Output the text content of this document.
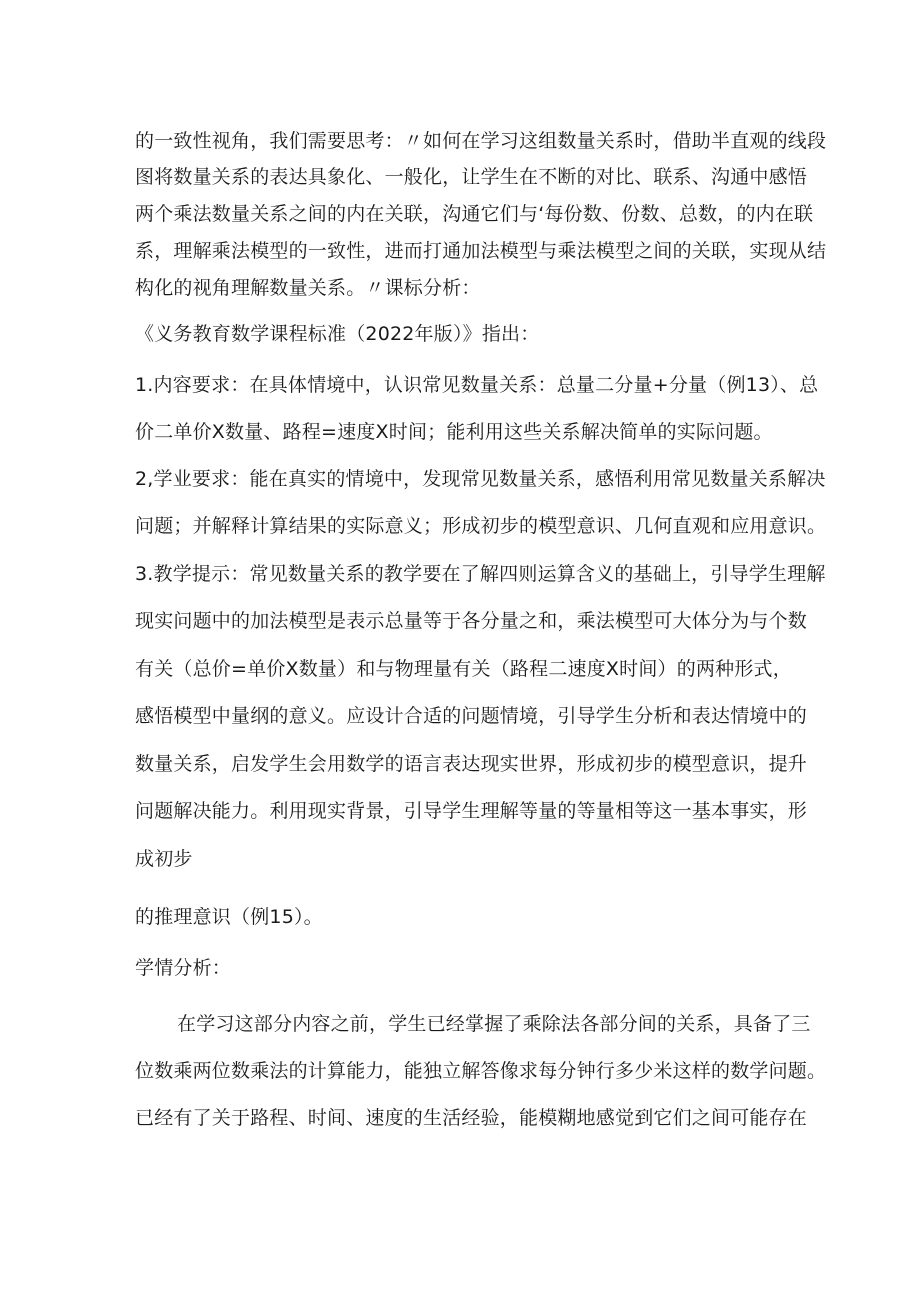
的一致性视角，我们需要思考：〃如何在学习这组数量关系时，借助半直观的线段
图将数量关系的表达具象化、一般化，让学生在不断的对比、联系、沟通中感悟
两个乘法数量关系之间的内在关联，沟通它们与‘每份数、份数、总数，的内在联
系，理解乘法模型的一致性，进而打通加法模型与乘法模型之间的关联，实现从结
构化的视角理解数量关系。〃课标分析：
《义务教育数学课程标准（2022年版）》指出：
1.内容要求：在具体情境中，认识常见数量关系：总量二分量+分量（例13）、总
价二单价X数量、路程=速度X时间；能利用这些关系解决简单的实际问题。
2,学业要求：能在真实的情境中，发现常见数量关系，感悟利用常见数量关系解决
问题；并解释计算结果的实际意义；形成初步的模型意识、几何直观和应用意识。
3.教学提示：常见数量关系的教学要在了解四则运算含义的基础上，引导学生理解
现实问题中的加法模型是表示总量等于各分量之和，乘法模型可大体分为与个数
有关（总价=单价X数量）和与物理量有关（路程二速度X时间）的两种形式，
感悟模型中量纲的意义。应设计合适的问题情境，引导学生分析和表达情境中的
数量关系，启发学生会用数学的语言表达现实世界，形成初步的模型意识，提升
问题解决能力。利用现实背景，引导学生理解等量的等量相等这一基本事实，形
成初步
的推理意识（例15）。
学情分析：
在学习这部分内容之前，学生已经掌握了乘除法各部分间的关系，具备了三
位数乘两位数乘法的计算能力，能独立解答像求每分钟行多少米这样的数学问题。
已经有了关于路程、时间、速度的生活经验，能模糊地感觉到它们之间可能存在
